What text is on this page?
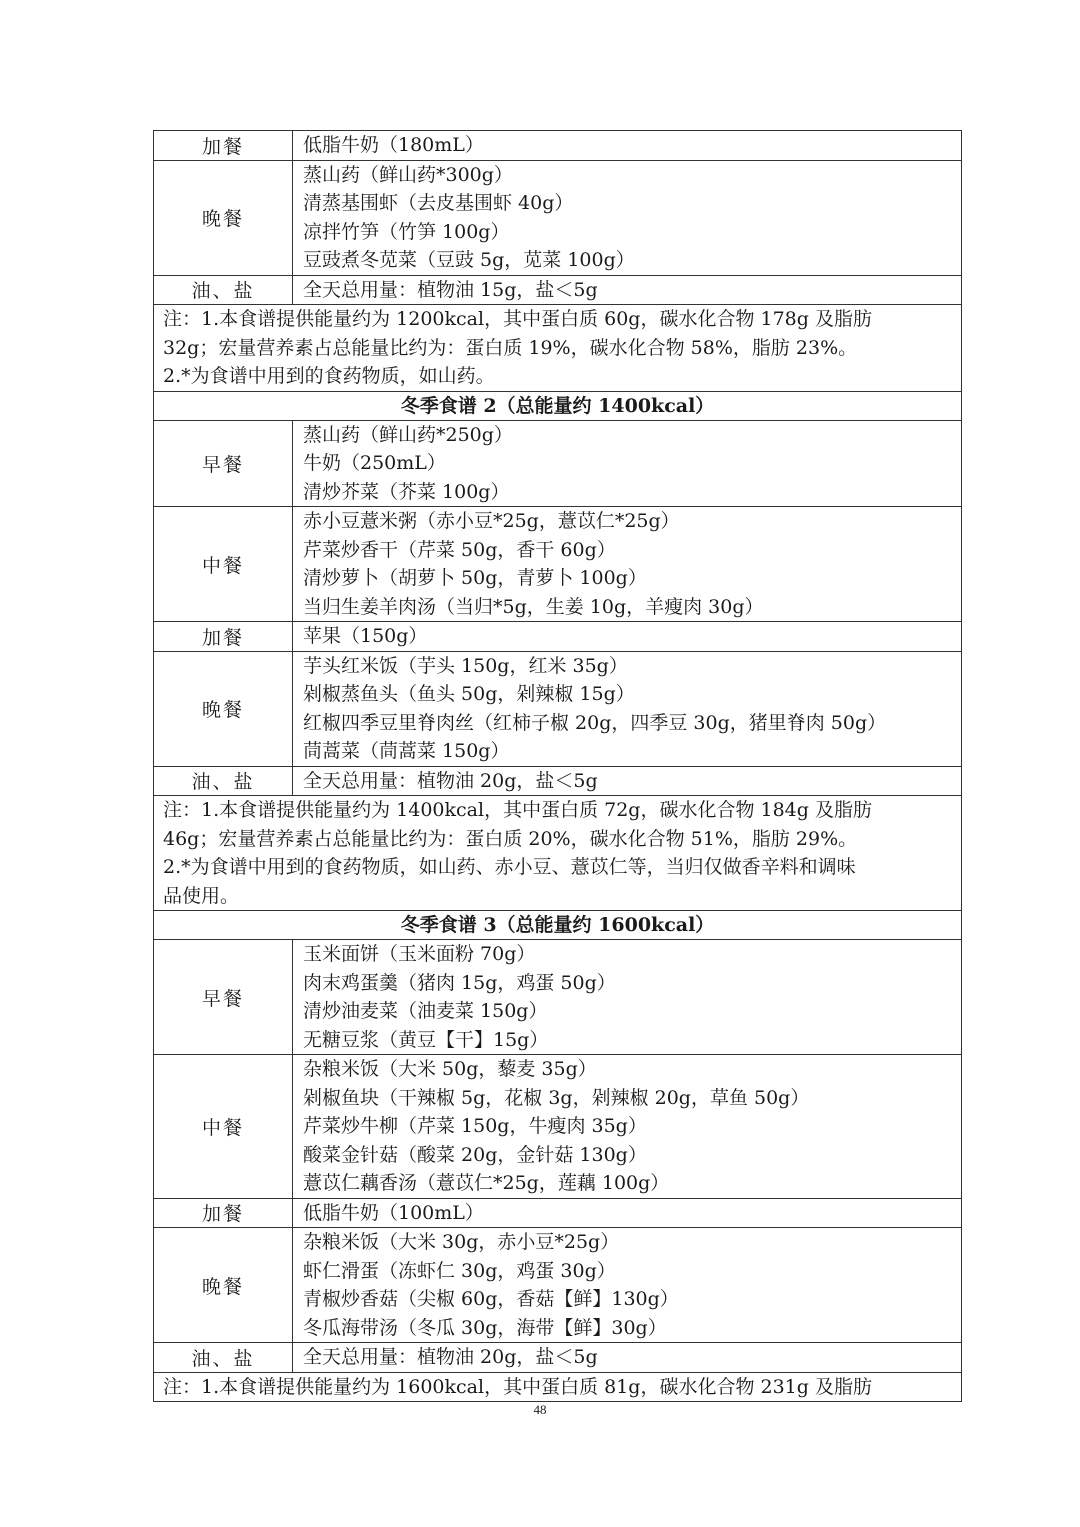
加餐	低脂牛奶（180mL）

晚餐	蒸山药（鲜山药*300g）
清蒸基围虾（去皮基围虾 40g）
凉拌竹笋（竹笋 100g）
豆豉煮冬苋菜（豆豉 5g，苋菜 100g）

油、盐	全天总用量：植物油 15g，盐＜5g

注：1.本食谱提供能量约为 1200kcal，其中蛋白质 60g，碳水化合物 178g 及脂肪
32g；宏量营养素占总能量比约为：蛋白质 19%，碳水化合物 58%，脂肪 23%。
2.*为食谱中用到的食药物质，如山药。	

冬季食谱 2（总能量约 1400kcal）	
早餐	蒸山药（鲜山药*250g）
牛奶（250mL）
清炒芥菜（芥菜 100g）

中餐	赤小豆薏米粥（赤小豆*25g，薏苡仁*25g）
芹菜炒香干（芹菜 50g，香干 60g）
清炒萝卜（胡萝卜 50g，青萝卜 100g）
当归生姜羊肉汤（当归*5g，生姜 10g，羊瘦肉 30g）

加餐	苹果（150g）

晚餐	芋头红米饭（芋头 150g，红米 35g）
剁椒蒸鱼头（鱼头 50g，剁辣椒 15g）
红椒四季豆里脊肉丝（红柿子椒 20g，四季豆 30g，猪里脊肉 50g）
茼蒿菜（茼蒿菜 150g）

油、盐	全天总用量：植物油 20g，盐＜5g

注：1.本食谱提供能量约为 1400kcal，其中蛋白质 72g，碳水化合物 184g 及脂肪
46g；宏量营养素占总能量比约为：蛋白质 20%，碳水化合物 51%，脂肪 29%。
2.*为食谱中用到的食药物质，如山药、赤小豆、薏苡仁等，当归仅做香辛料和调味
品使用。	

冬季食谱 3（总能量约 1600kcal）	
早餐	玉米面饼（玉米面粉 70g）
肉末鸡蛋羹（猪肉 15g，鸡蛋 50g）
清炒油麦菜（油麦菜 150g）
无糖豆浆（黄豆【干】15g）

中餐	杂粮米饭（大米 50g，藜麦 35g）
剁椒鱼块（干辣椒 5g，花椒 3g，剁辣椒 20g，草鱼 50g）
芹菜炒牛柳（芹菜 150g，牛瘦肉 35g）
酸菜金针菇（酸菜 20g，金针菇 130g）
薏苡仁藕香汤（薏苡仁*25g，莲藕 100g）

加餐	低脂牛奶（100mL）

晚餐	杂粮米饭（大米 30g，赤小豆*25g）
虾仁滑蛋（冻虾仁 30g，鸡蛋 30g）
青椒炒香菇（尖椒 60g，香菇【鲜】130g）
冬瓜海带汤（冬瓜 30g，海带【鲜】30g）

油、盐	全天总用量：植物油 20g，盐＜5g

注：1.本食谱提供能量约为 1600kcal，其中蛋白质 81g，碳水化合物 231g 及脂肪	
48
